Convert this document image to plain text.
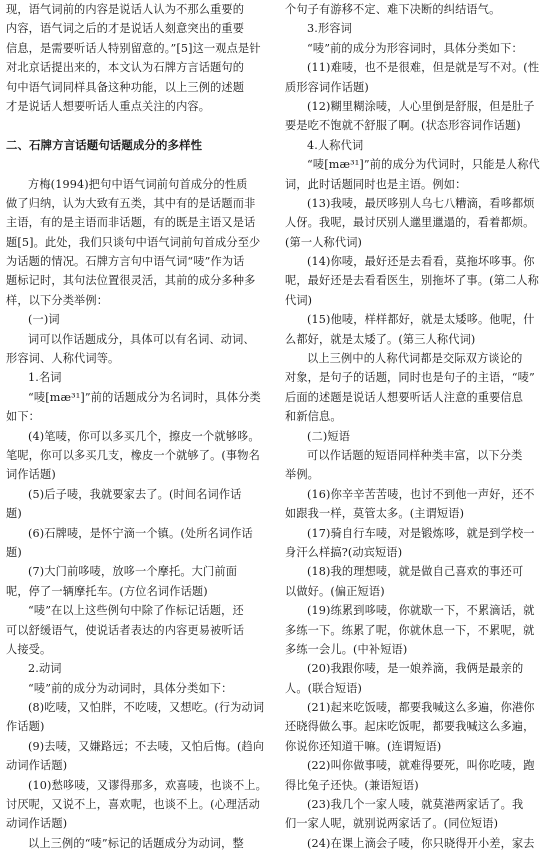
现，语气词前的内容是说话人认为不那么重要的
内容，语气词之后的才是说话人刻意突出的重要
信息，是需要听话人特别留意的。”[5]这一观点是针
对北京话提出来的，本文认为石牌方言话题句的
句中语气词同样具备这种功能，以上三例的述题
才是说话人想要听话人重点关注的内容。
二、石牌方言话题句话题成分的多样性
方梅(1994)把句中语气词前句首成分的性质
做了归纳，认为大致有五类，其中有的是话题而非
主语，有的是主语而非话题，有的既是主语又是话
题[5]。此处，我们只谈句中语气词前句首成分至少
为话题的情况。石牌方言句中语气词“唛”作为话
题标记时，其句法位置很灵活，其前的成分多种多
样，以下分类举例：
(一)词
词可以作话题成分，具体可以有名词、动词、
形容词、人称代词等。
1.名词
“唛[mæ³¹]”前的话题成分为名词时，具体分类
如下：
(4)笔唛，你可以多买几个，擦皮一个就够哆。
笔呢，你可以多买几支，橡皮一个就够了。(事物名
词作话题)
(5)后子唛，我就要家去了。(时间名词作话
题)
(6)石牌唛，是怀宁滴一个镇。(处所名词作话
题)
(7)大门前哆唛，放哆一个摩托。大门前面
呢，停了一辆摩托车。(方位名词作话题)
“唛”在以上这些例句中除了作标记话题，还
可以舒缓语气，使说话者表达的内容更易被听话
人接受。
2.动词
“唛”前的成分为动词时，具体分类如下：
(8)吃唛，又怕胖，不吃唛，又想吃。(行为动词
作话题)
(9)去唛，又嫌路远；不去唛，又怕后悔。(趋向
动词作话题)
(10)愁哆唛，又谬得那多，欢喜唛，也谈不上。
讨厌呢，又说不上，喜欢呢，也谈不上。(心理活动
动词作话题)
以上三例的“唛”标记的话题成分为动词，整
个句子有游移不定、难下决断的纠结语气。
3.形容词
“唛”前的成分为形容词时，具体分类如下：
(11)难唛，也不是很难，但是就是写不对。(性
质形容词作话题)
(12)糊里糊涂唛，人心里倒是舒服，但是肚子
要是吃不饱就不舒服了啊。(状态形容词作话题)
4.人称代词
“唛[mæ³¹]”前的成分为代词时，只能是人称代
词，此时话题同时也是主语。例如：
(13)我唛，最厌哆别人乌七八糟滴，看哆都烦
人伢。我呢，最讨厌别人邋里邋遢的，看着都烦。
(第一人称代词)
(14)你唛，最好还是去看看，莫拖坏哆事。你
呢，最好还是去看看医生，别拖坏了事。(第二人称
代词)
(15)他唛，样样都好，就是太矮哆。他呢，什
么都好，就是太矮了。(第三人称代词)
以上三例中的人称代词都是交际双方谈论的
对象，是句子的话题，同时也是句子的主语，“唛”
后面的述题是说话人想要听话人注意的重要信息
和新信息。
(二)短语
可以作话题的短语同样种类丰富，以下分类
举例。
(16)你辛辛苦苦唛，也讨不到他一声好，还不
如跟我一样，莫管太多。(主谓短语)
(17)骑自行车唛，对是锻炼哆，就是到学校一
身汗么样搞?(动宾短语)
(18)我的理想唛，就是做自己喜欢的事还可
以做好。(偏正短语)
(19)练累到哆唛，你就歇一下，不累滴话，就
多练一下。练累了呢，你就休息一下，不累呢，就
多练一会儿。(中补短语)
(20)我跟你唛，是一娘养滴，我俩是最亲的
人。(联合短语)
(21)起来吃饭唛，都要我喊这么多遍，你港你
还晓得做么事。起床吃饭呢，都要我喊这么多遍，
你说你还知道干嘛。(连谓短语)
(22)叫你做事唛，就难得要死，叫你吃唛，跑
得比兔子还快。(兼语短语)
(23)我几个一家人唛，就莫港两家话了。我
们一家人呢，就别说两家话了。(同位短语)
(24)在课上滴会子唛，你只晓得开小差，家去
